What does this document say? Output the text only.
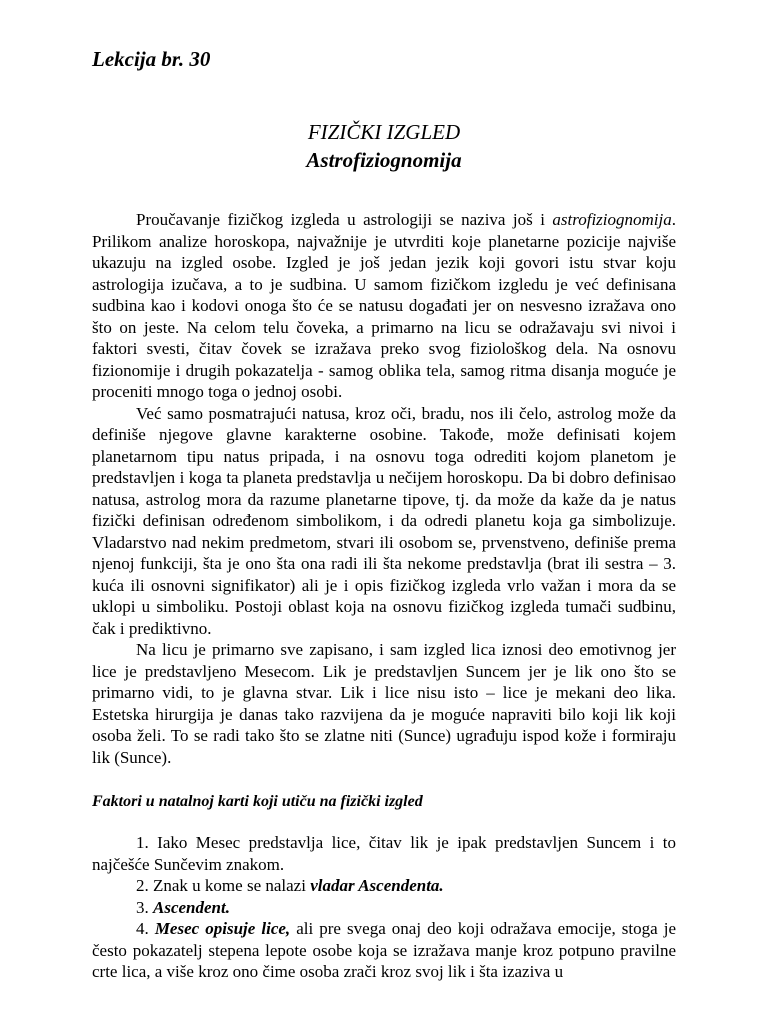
Lekcija br. 30
FIZIČKI IZGLED
Astrofiziognomija

Proučavanje fizičkog izgleda u astrologiji se naziva još i astrofiziognomija. Prilikom analize horoskopa, najvažnije je utvrditi koje planetarne pozicije najviše ukazuju na izgled osobe. Izgled je još jedan jezik koji govori istu stvar koju astrologija izučava, a to je sudbina. U samom fizičkom izgledu je već definisana sudbina kao i kodovi onoga što će se natusu događati jer on nesvesno izražava ono što on jeste. Na celom telu čoveka, a primarno na licu se odražavaju svi nivoi i faktori svesti, čitav čovek se izražava preko svog fiziološkog dela. Na osnovu fizionomije i drugih pokazatelja - samog oblika tela, samog ritma disanja moguće je proceniti mnogo toga o jednoj osobi.

Već samo posmatrajući natusa, kroz oči, bradu, nos ili čelo, astrolog može da definiše njegove glavne karakterne osobine. Takođe, može definisati kojem planetarnom tipu natus pripada, i na osnovu toga odrediti kojom planetom je predstavljen i koga ta planeta predstavlja u nečijem horoskopu. Da bi dobro definisao natusa, astrolog mora da razume planetarne tipove, tj. da može da kaže da je natus fizički definisan određenom simbolikom, i da odredi planetu koja ga simbolizuje. Vladarstvo nad nekim predmetom, stvari ili osobom se, prvenstveno, definiše prema njenoj funkciji, šta je ono šta ona radi ili šta nekome predstavlja (brat ili sestra – 3. kuća ili osnovni signifikator) ali je i opis fizičkog izgleda vrlo važan i mora da se uklopi u simboliku. Postoji oblast koja na osnovu fizičkog izgleda tumači sudbinu, čak i prediktivno.

Na licu je primarno sve zapisano, i sam izgled lica iznosi deo emotivnog jer lice je predstavljeno Mesecom. Lik je predstavljen Suncem jer je lik ono što se primarno vidi, to je glavna stvar. Lik i lice nisu isto – lice je mekani deo lika. Estetska hirurgija je danas tako razvijena da je moguće napraviti bilo koji lik koji osoba želi. To se radi tako što se zlatne niti (Sunce) ugrađuju ispod kože i formiraju lik (Sunce).

Faktori u natalnoj karti koji utiču na fizički izgled

1. Iako Mesec predstavlja lice, čitav lik je ipak predstavljen Suncem i to najčešće Sunčevim znakom.

2. Znak u kome se nalazi vladar Ascendenta.

3. Ascendent.

4. Mesec opisuje lice, ali pre svega onaj deo koji odražava emocije, stoga je često pokazatelj stepena lepote osobe koja se izražava manje kroz potpuno pravilne crte lica, a više kroz ono čime osoba zrači kroz svoj lik i šta izaziva u
